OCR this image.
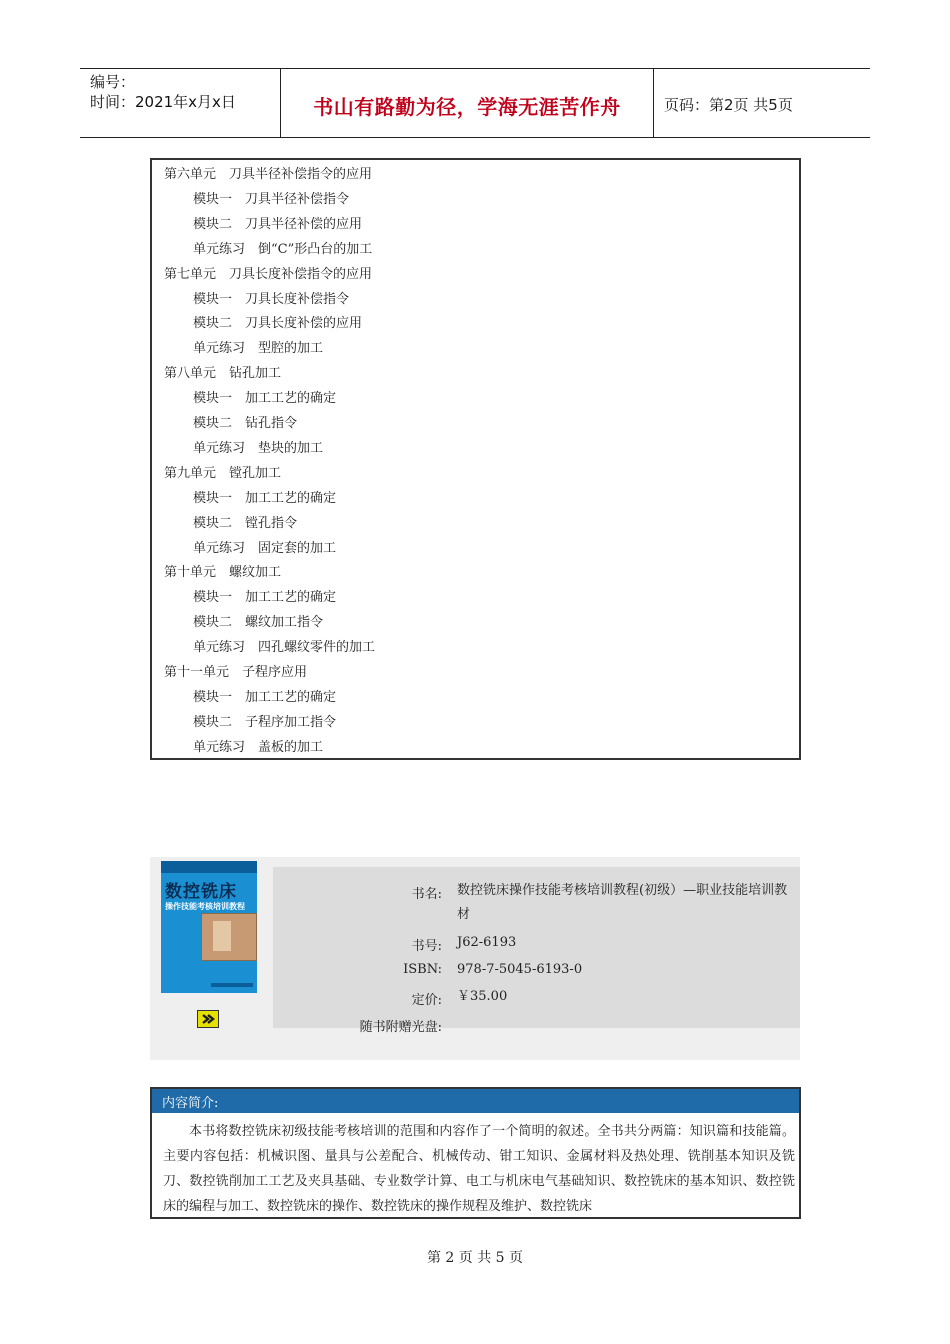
编号：
时间：2021年x月x日	书山有路勤为径，学海无涯苦作舟	页码：第2页 共5页
第六单元　刀具半径补偿指令的应用
模块一　刀具半径补偿指令
模块二　刀具半径补偿的应用
单元练习　倒“C”形凸台的加工
第七单元　刀具长度补偿指令的应用
模块一　刀具长度补偿指令
模块二　刀具长度补偿的应用
单元练习　型腔的加工
第八单元　钻孔加工
模块一　加工工艺的确定
模块二　钻孔指令
单元练习　垫块的加工
第九单元　镗孔加工
模块一　加工工艺的确定
模块二　镗孔指令
单元练习　固定套的加工
第十单元　螺纹加工
模块一　加工工艺的确定
模块二　螺纹加工指令
单元练习　四孔螺纹零件的加工
第十一单元　子程序应用
模块一　加工工艺的确定
模块二　子程序加工指令
单元练习　盖板的加工
数控铣床
操作技能考核培训教程
书名: 数控铣床操作技能考核培训教程(初级）—职业技能培训教材
书号: J62-6193
ISBN: 978-7-5045-6193-0
定价: ￥35.00
随书附赠光盘:
内容简介:
本书将数控铣床初级技能考核培训的范围和内容作了一个简明的叙述。全书共分两篇：知识篇和技能篇。主要内容包括：机械识图、量具与公差配合、机械传动、钳工知识、金属材料及热处理、铣削基本知识及铣刀、数控铣削加工工艺及夹具基础、专业数学计算、电工与机床电气基础知识、数控铣床的基本知识、数控铣床的编程与加工、数控铣床的操作、数控铣床的操作规程及维护、数控铣床
第 2 页 共 5 页
